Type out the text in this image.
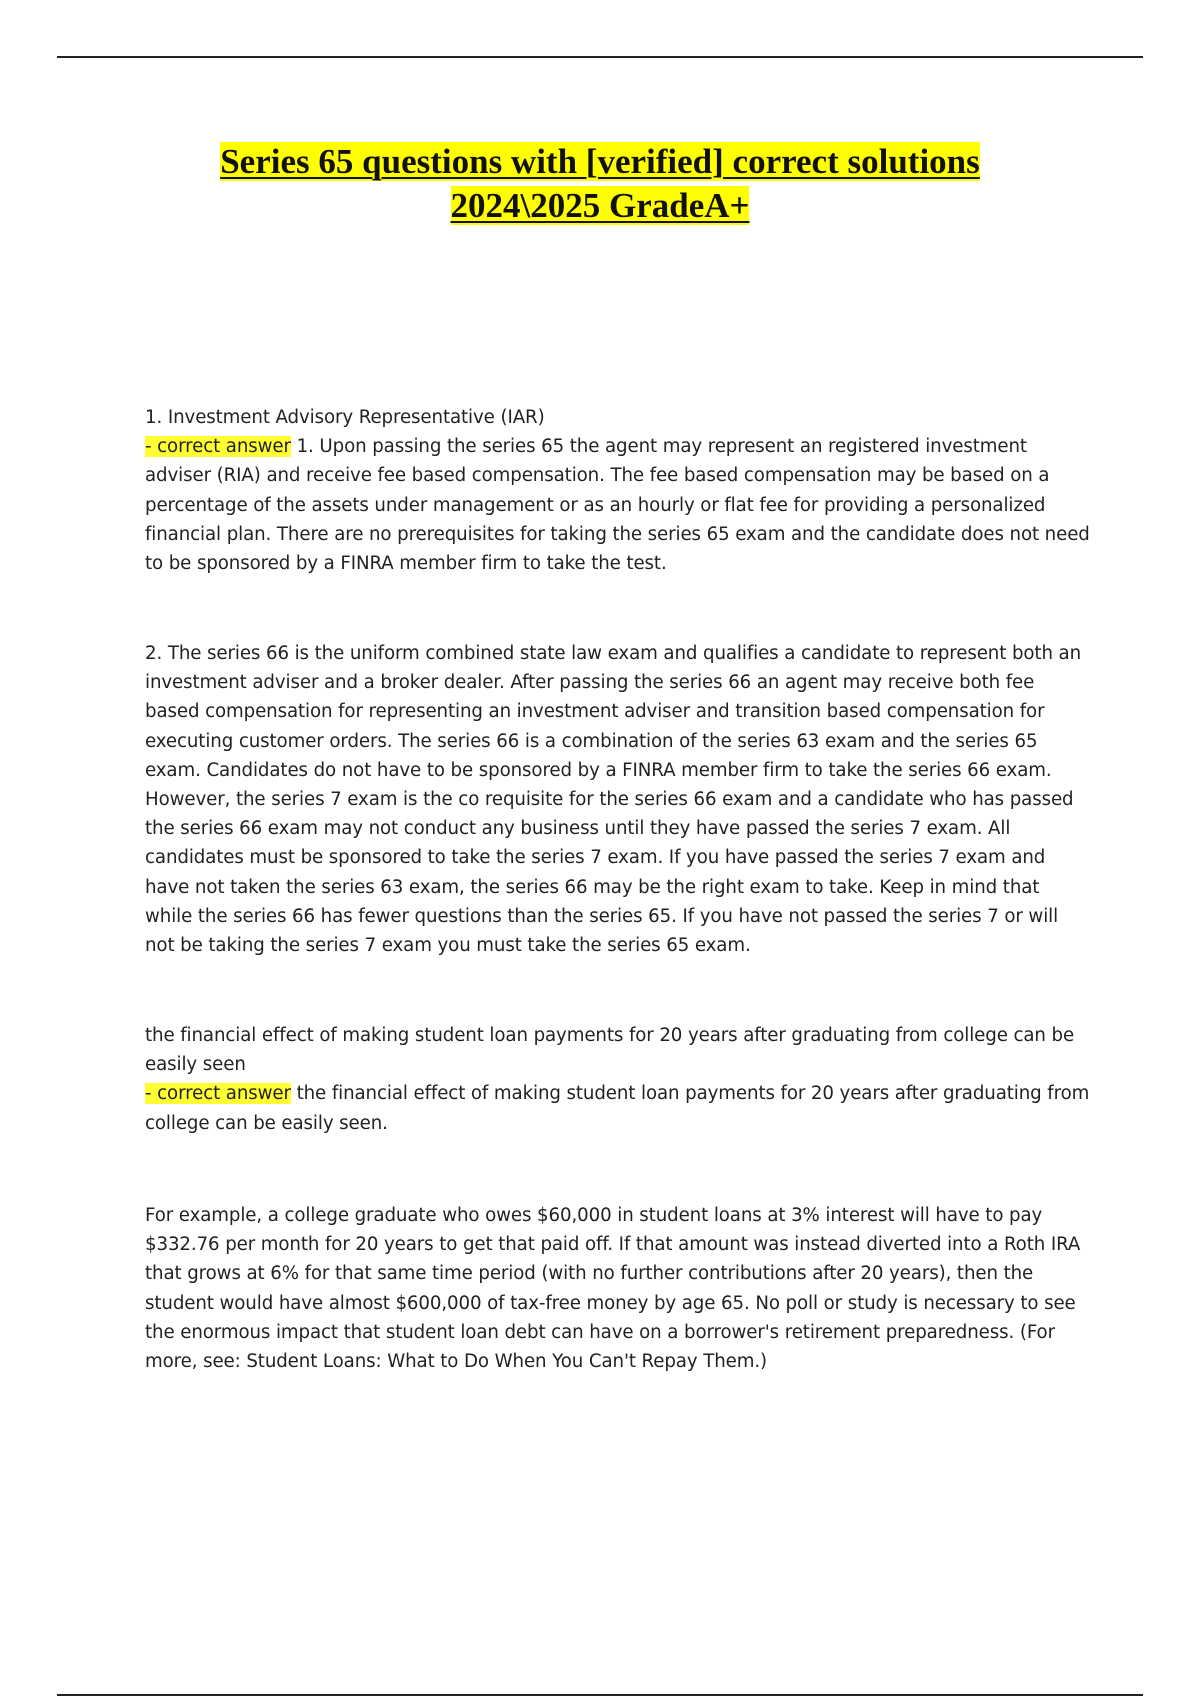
Series 65 questions with [verified] correct solutions
2024\2025 GradeA+
1. Investment Advisory Representative (IAR)
- correct answer 1. Upon passing the series 65 the agent may represent an registered investment adviser (RIA) and receive fee based compensation. The fee based compensation may be based on a percentage of the assets under management or as an hourly or flat fee for providing a personalized financial plan. There are no prerequisites for taking the series 65 exam and the candidate does not need to be sponsored by a FINRA member firm to take the test.
2. The series 66 is the uniform combined state law exam and qualifies a candidate to represent both an investment adviser and a broker dealer. After passing the series 66 an agent may receive both fee based compensation for representing an investment adviser and transition based compensation for executing customer orders. The series 66 is a combination of the series 63 exam and the series 65 exam. Candidates do not have to be sponsored by a FINRA member firm to take the series 66 exam. However, the series 7 exam is the co requisite for the series 66 exam and a candidate who has passed the series 66 exam may not conduct any business until they have passed the series 7 exam. All candidates must be sponsored to take the series 7 exam. If you have passed the series 7 exam and have not taken the series 63 exam, the series 66 may be the right exam to take. Keep in mind that while the series 66 has fewer questions than the series 65. If you have not passed the series 7 or will not be taking the series 7 exam you must take the series 65 exam.
the financial effect of making student loan payments for 20 years after graduating from college can be easily seen
- correct answer the financial effect of making student loan payments for 20 years after graduating from college can be easily seen.
For example, a college graduate who owes $60,000 in student loans at 3% interest will have to pay $332.76 per month for 20 years to get that paid off. If that amount was instead diverted into a Roth IRA that grows at 6% for that same time period (with no further contributions after 20 years), then the student would have almost $600,000 of tax-free money by age 65. No poll or study is necessary to see the enormous impact that student loan debt can have on a borrower's retirement preparedness. (For more, see: Student Loans: What to Do When You Can't Repay Them.)
